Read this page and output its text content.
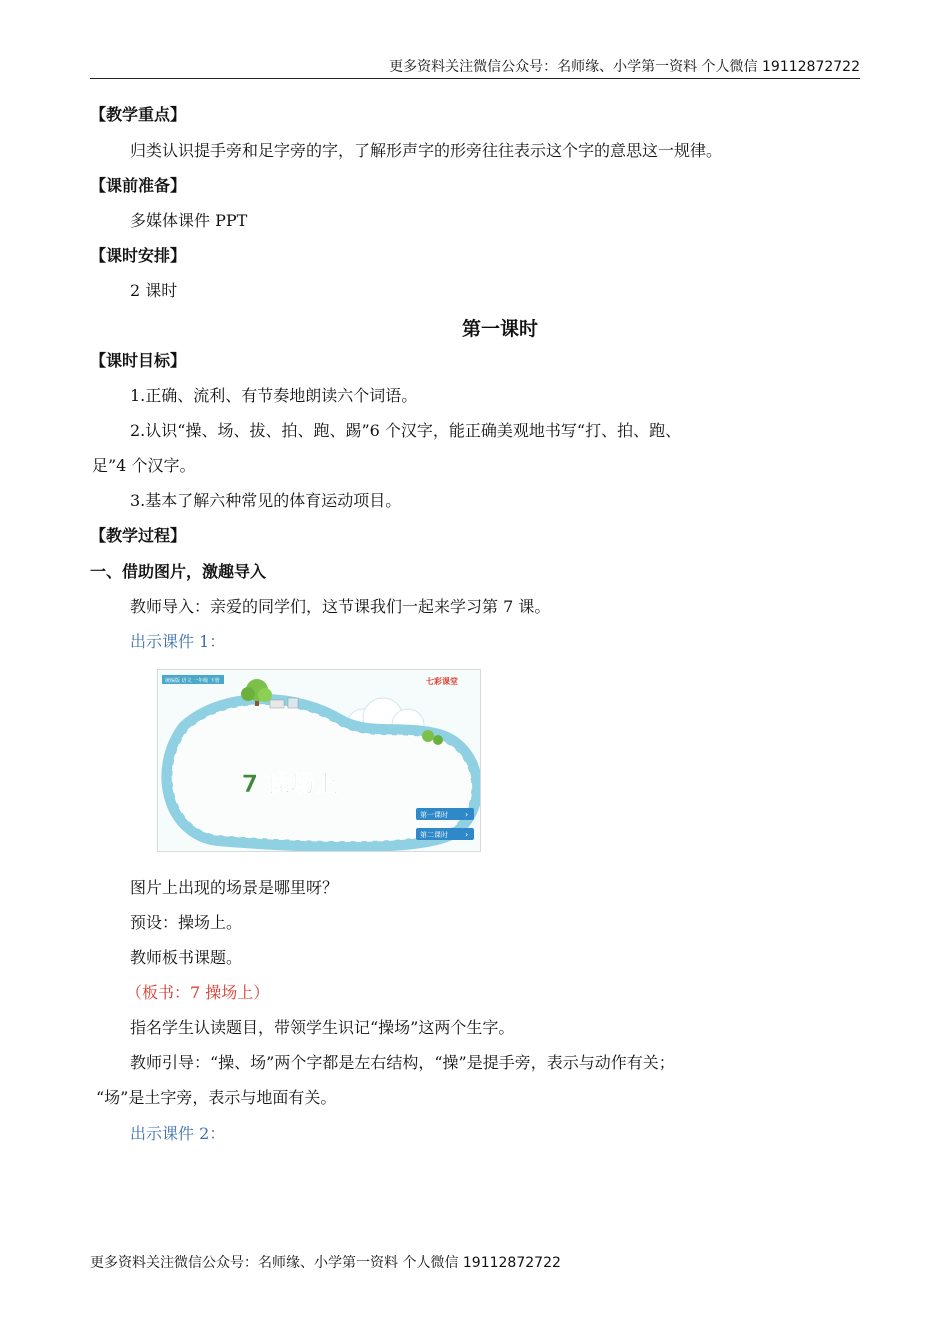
更多资料关注微信公众号：名师缘、小学第一资料 个人微信 19112872722
【教学重点】
归类认识提手旁和足字旁的字，了解形声字的形旁往往表示这个字的意思这一规律。
【课前准备】
多媒体课件 PPT
【课时安排】
2 课时
第一课时
【课时目标】
1.正确、流利、有节奏地朗读六个词语。
2.认识“操、场、拔、拍、跑、踢”6 个汉字，能正确美观地书写“打、拍、跑、
足”4 个汉字。
3.基本了解六种常见的体育运动项目。
【教学过程】
一、借助图片，激趣导入
教师导入：亲爱的同学们，这节课我们一起来学习第 7 课。
出示课件 1：
统编版 语文 一年级 下册	七彩课堂
7 操场上
第一课时 ›
第二课时 ›
图片上出现的场景是哪里呀？
预设：操场上。
教师板书课题。
（板书：7 操场上）
指名学生认读题目，带领学生识记“操场”这两个生字。
教师引导：“操、场”两个字都是左右结构，“操”是提手旁，表示与动作有关；
“场”是土字旁，表示与地面有关。
出示课件 2：
更多资料关注微信公众号：名师缘、小学第一资料 个人微信 19112872722
